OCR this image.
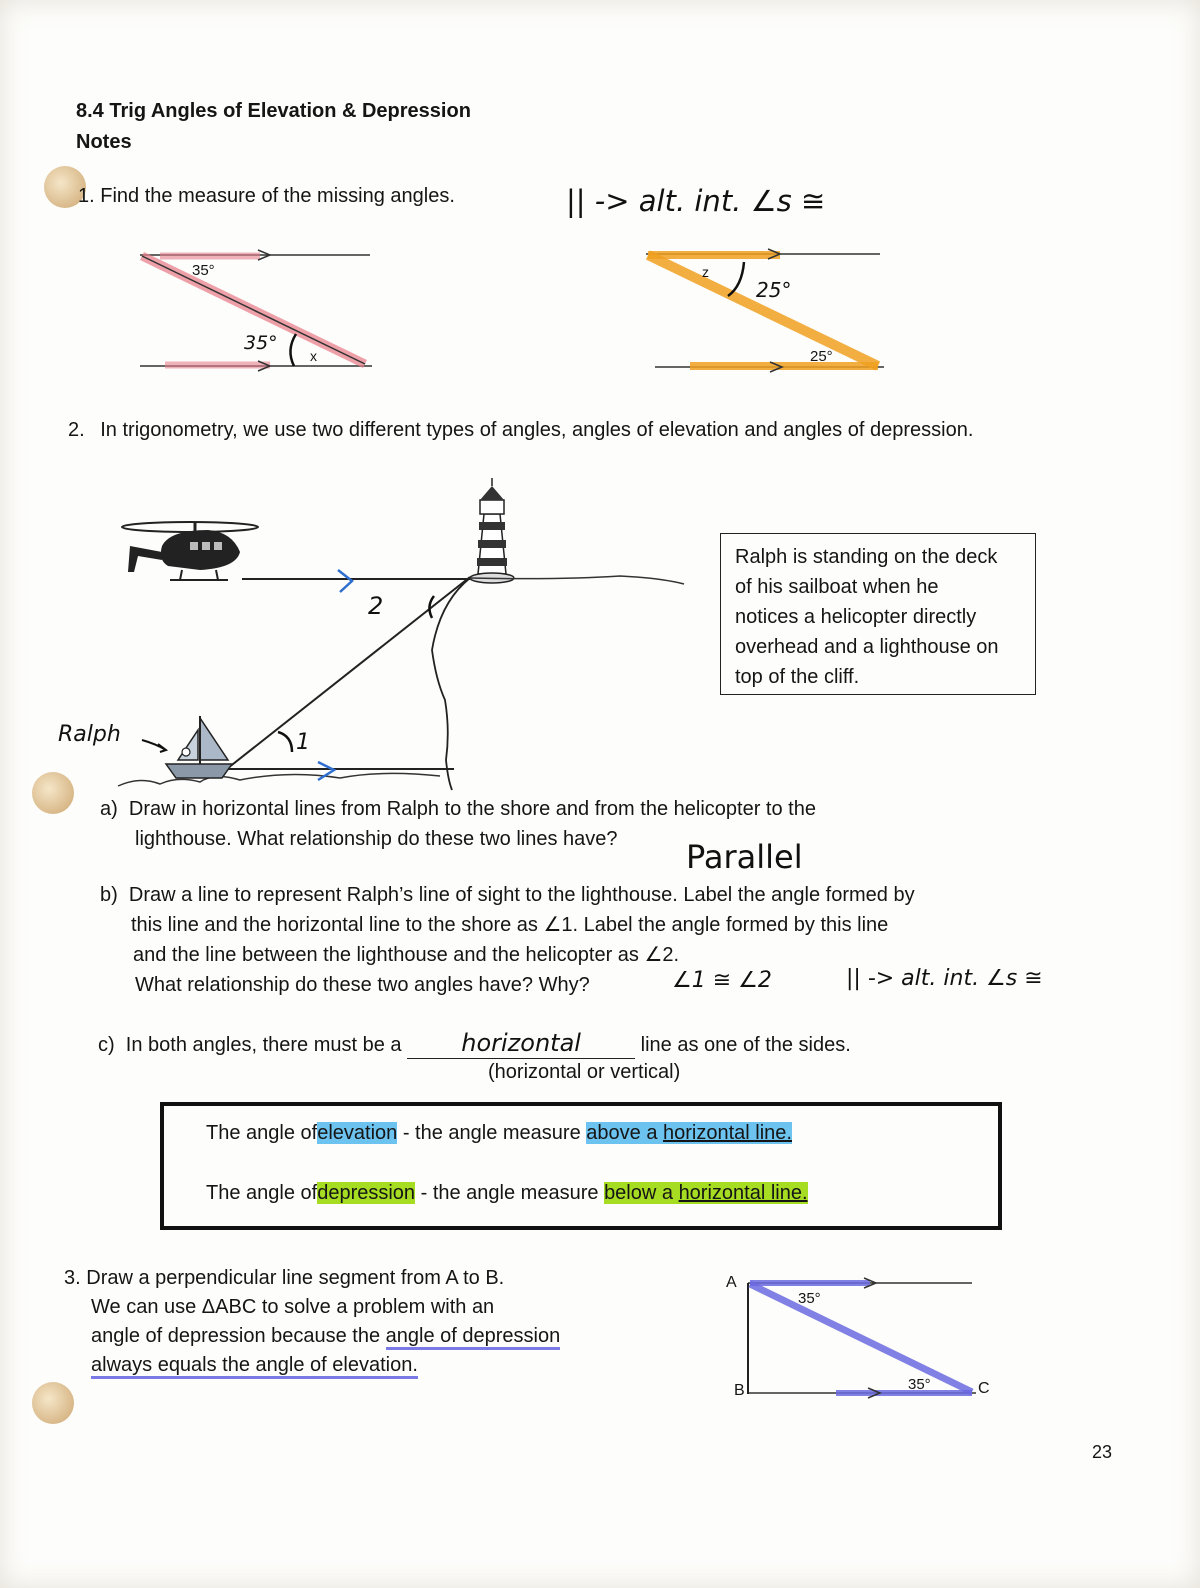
8.4 Trig Angles of Elevation & Depression
Notes
1. Find the measure of the missing angles.	|| -> alt. int. ∠s ≅
35°
35°
x
z
25°
25°
2. In trigonometry, we use two different types of angles, angles of elevation and angles of depression.
Ralph
2
1
Ralph is standing on the deck
of his sailboat when he
notices a helicopter directly
overhead and a lighthouse on
top of the cliff.
a) Draw in horizontal lines from Ralph to the shore and from the helicopter to the
lighthouse. What relationship do these two lines have?	Parallel
b) Draw a line to represent Ralph’s line of sight to the lighthouse. Label the angle formed by
this line and the horizontal line to the shore as ∠1. Label the angle formed by this line
and the line between the lighthouse and the helicopter as ∠2.
What relationship do these two angles have? Why?	∠1 ≅ ∠2	|| -> alt. int. ∠s ≅
c) In both angles, there must be a horizontal	line as one of the sides.
(horizontal or vertical)
The angle ofelevation - the angle measure above a horizontal line.
The angle ofdepression - the angle measure below a horizontal line.
3. Draw a perpendicular line segment from A to B.
We can use ΔABC to solve a problem with an
angle of depression because the angle of depression
always equals the angle of elevation.
A
B	C
35°
35°
23
